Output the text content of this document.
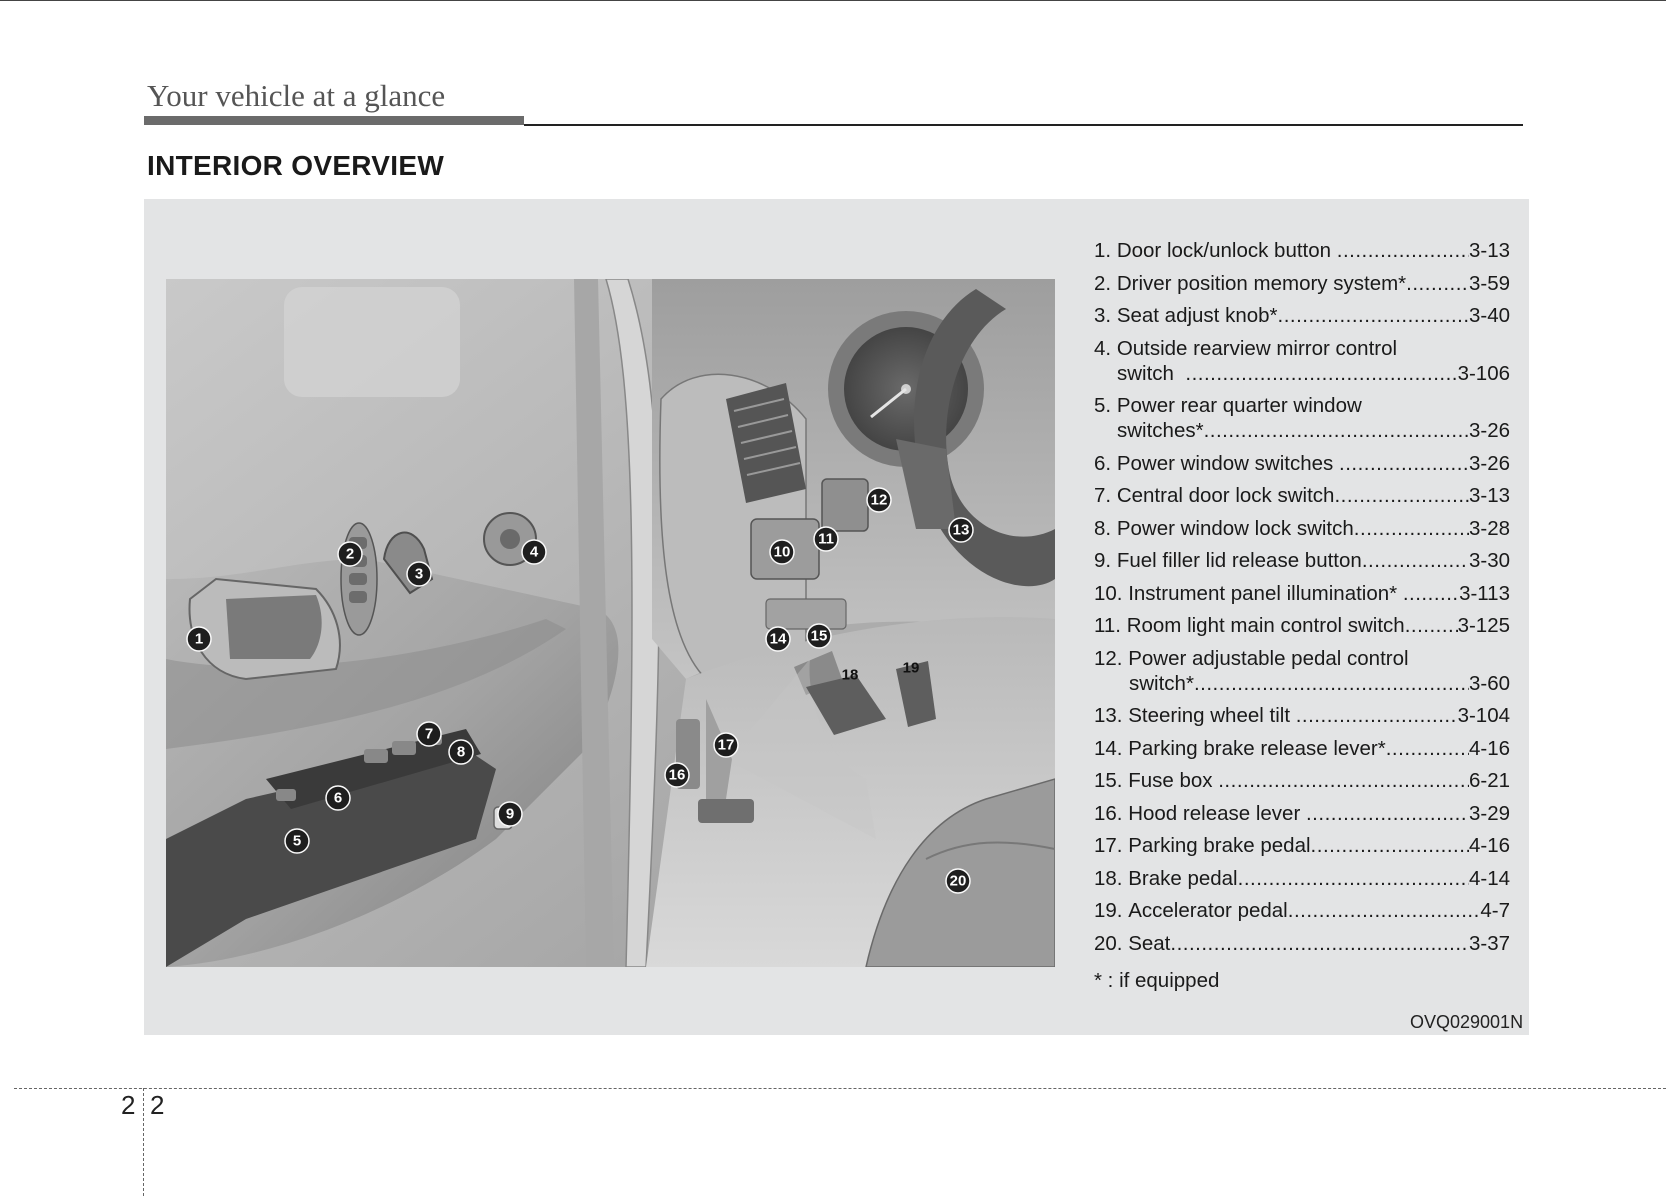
Your vehicle at a glance
INTERIOR OVERVIEW
1
2
3
4
5
6
7
8
9
10
11
12
13
14 15
16
17
18	19
20
1.
Door lock/unlock button
.....	3-13
2.
Driver position memory system* .....	3-59
3.
Seat adjust knob* .....	3-40
4.
Outside rearview mirror control
switch
.....	3-106
5.
Power rear quarter window
switches* .....	3-26
6.
Power window switches
.....	3-26
7.
Central door lock switch .....	3-13
8.
Power window lock switch .....	3-28
9.
Fuel filler lid release button .....	3-30
10.
Instrument panel illumination*
.....	3-113
11.
Room light main control switch .....	3-125
12.
Power adjustable pedal control
switch* .....	3-60
13.
Steering wheel tilt
.....	3-104
14.
Parking brake release lever* .....	4-16
15.
Fuse box
.....	6-21
16.
Hood release lever
.....	3-29
17.
Parking brake pedal .....	4-16
18.
Brake pedal .....	4-14
19.
Accelerator pedal .....	4-7
20.
Seat .....	3-37
* : if equipped
OVQ029001N
2 2
